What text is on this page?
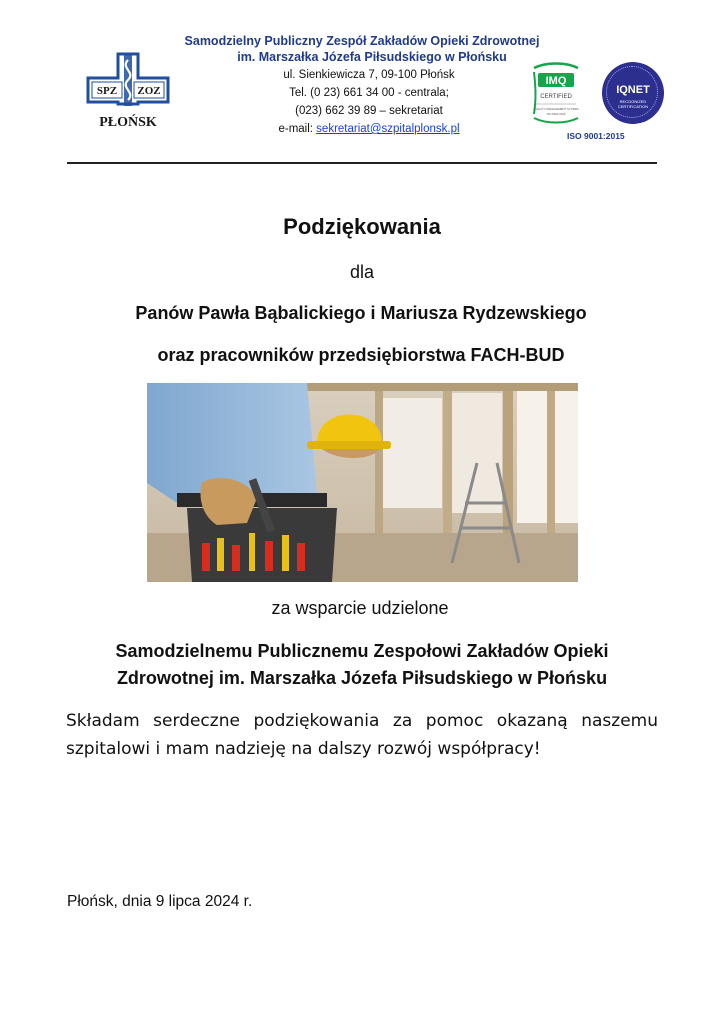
Samodzielny Publiczny Zespół Zakładów Opieki Zdrowotnej
im. Marszałka Józefa Piłsudskiego w Płońsku
SPZ ZOZ
PŁOŃSK
ul. Sienkiewicza 7, 09-100 Płońsk
Tel. (0 23) 661 34 00 - centrala;
(023) 662 39 89 – sekretariat
e-mail: sekretariat@szpitalplonsk.pl
IMQ
CERTIFIED
QUALITY MANAGEMENT SYSTEM
ISO 9001:2015
IQNET
RECOGNIZED
CERTIFICATION
ISO 9001:2015
Podziękowania
dla
Panów Pawła Bąbalickiego i Mariusza Rydzewskiego
oraz pracowników przedsiębiorstwa FACH-BUD
za wsparcie udzielone
Samodzielnemu Publicznemu Zespołowi Zakładów Opieki
Zdrowotnej im. Marszałka Józefa Piłsudskiego w Płońsku
Składam serdeczne podziękowania za pomoc okazaną naszemu szpitalowi i mam nadzieję na dalszy rozwój współpracy!
Płońsk, dnia 9 lipca 2024 r.
